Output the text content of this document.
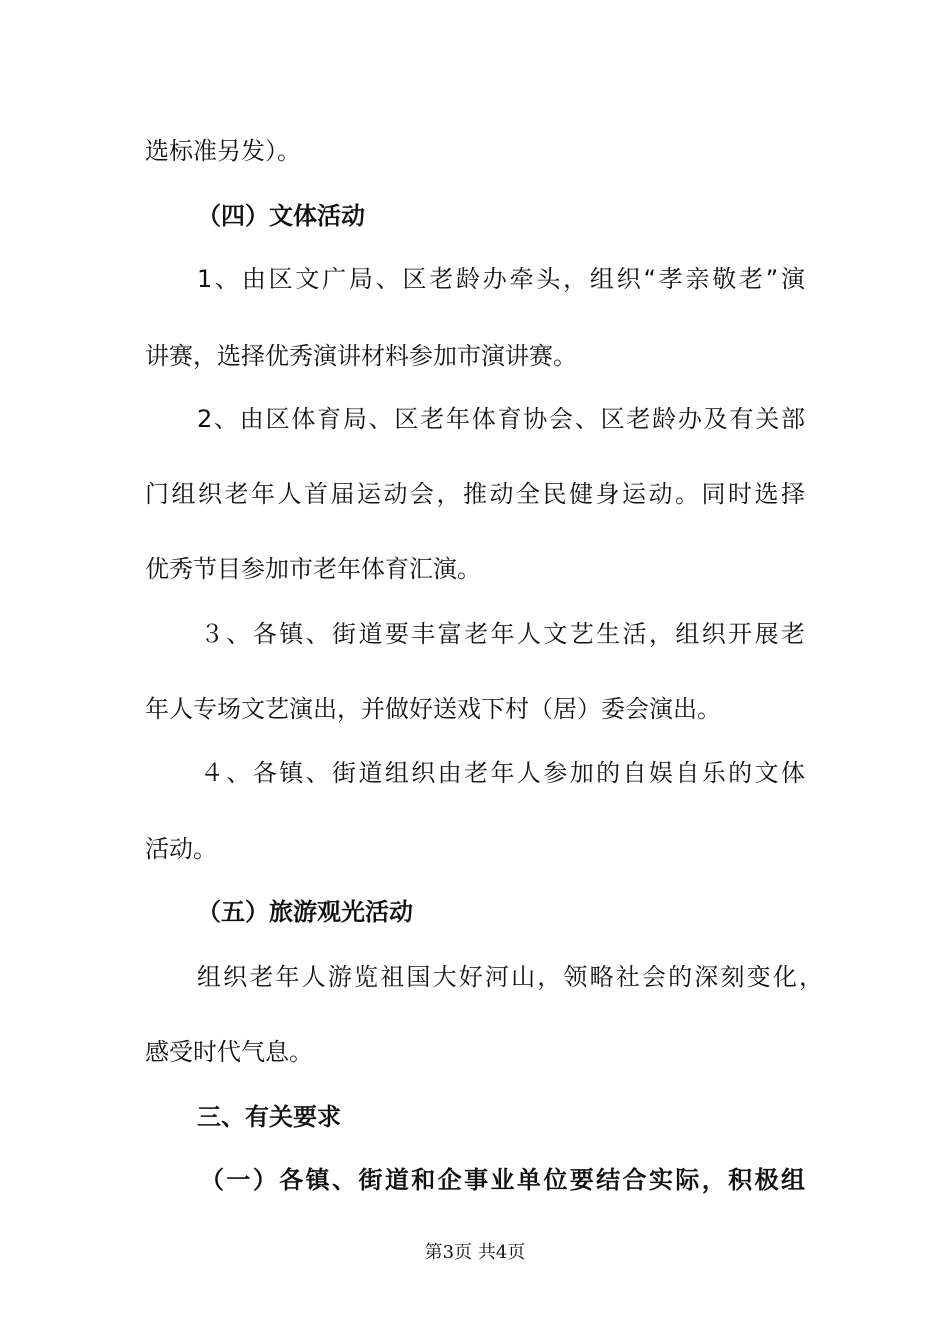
选标准另发）。
（四）文体活动
1、由区文广局、区老龄办牵头，组织“孝亲敬老”演
讲赛，选择优秀演讲材料参加市演讲赛。
2、由区体育局、区老年体育协会、区老龄办及有关部
门组织老年人首届运动会，推动全民健身运动。同时选择
优秀节目参加市老年体育汇演。
３、各镇、街道要丰富老年人文艺生活，组织开展老
年人专场文艺演出，并做好送戏下村（居）委会演出。
４、各镇、街道组织由老年人参加的自娱自乐的文体
活动。
（五）旅游观光活动
组织老年人游览祖国大好河山，领略社会的深刻变化，
感受时代气息。
三、有关要求
（一）各镇、街道和企事业单位要结合实际，积极组
第3页 共4页
